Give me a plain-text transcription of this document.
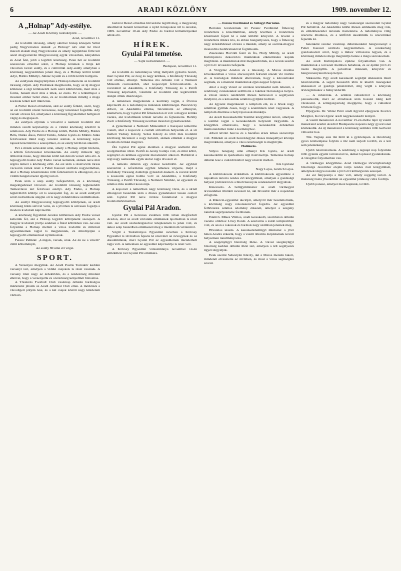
6	ARADI KÖZLÖNY	1909. november 12.
A „Holnap” Ady-estélye.
— Az Aradi Közlöny tudósítójától. —
Arad, november 11.

Az irodalmi társaság, amely október hónap közepén Szilai pedig Nagyváradon alakult „a Holnap” név alatt hé távol maradt alakult meg Nagyváradon és amely legújabban föllé lett azzal magyarázván Magyarország egyik városában, kényelmes és Arad felé, jobb a legtöbb közönség. Ezen hét az irodalmi szerencsés előadást adott, a Holnap körének a lírája két városban tartott estély, és a csütörtöki Ady-estély amelyben a közönség nagyszámban jelent meg, és a Holnap költői közül Adyt, Babits Mihályt, Juhász Gyulát és a többi költőt hallgatta.

Az estélynek megnyitójában a Holnap ismertette az irodalmi társaság céljait. Ady Endrének megmondta, hogy az új magyar költészet a régi költészettől nem azért különbözik, mert más a forma, hanem mert más a lélek, az érzés. Ez a lelkiállapot a mostani ember belső élete, és az irodalomnak mindig a maga korának lelkét kell tükröznie.

A Fuller Rezső előadásán, akit az estély felkért, azért, hogy az est irodalmi részét bevezesse, nagy tetszéssel fogadták. Ady verseit olvasta fel, amelyeket a közönség figyelemmel hallgatott végig és megtapsolt.

Az estélyen eljöttek a városból a nemzeti irodalmi élet minden rendű képviselője és a vidéki közönség köréből is számosan. Ady Endre és a Holnap költői, Babits Mihály, Balázs Béla, Dutka Ákos, Emőd Tamás, Juhász Gyula és Miklós Jutka felolvasásai mind nagy tetszést arattak. A közönség zajos tapssal köszöntötte a szereplőket, és az estély kiválóan sikerült.

Ezt a másik szónoklat után, amely a Holnap céljait hirdette, a költők felolvasásai következtek. Az estély műsorát úgy állították össze, hogy minden költő két-három versét adta elő. A legnagyobb hatást Ady Endre versei keltették, akinek neve már régóta ismert a közönség előtt. Az est után a résztvevők társas vacsorán vettek részt a Fehér Kereszt szálloda nagytermében, ahol a Holnap köszöntésére több felköszöntő is elhangzott, és a vidám hangulat késő éjjelig tartott.

Ezek után a szép estély befejeződött, és a közönség megelégedéssel távozott. Az irodalmi társaság legközelebb Temesváron tart felolvasó estélyt. Ady Endre, a Holnap legkiválóbb költője ott is szerepelni fog, és az aradi estélyről szóló tudósítások alapján ott is nagy érdeklődésre számíthatnak.

Az estélyt Magyarország legnagyobb költőjének, az aradi közönség hálás szívvel vette, és a jövőben is szívesen fogadja a modern irodalom képviselőit.

A közönség figyelmét Aradon különösen Ady Endre versei keltették fel, aki a Holnap legjobb költőjeként szerepelt. A magyar irodalom jövője ezekben a fiatal költőkben van. Az este folyamán a Holnap mellett a város irodalmi és művészi egyesületeinek tagjai is megjelentek, és mindnyájan a legnagyobb elismeréssel nyilatkoztak.

Ferenc Pelikán: „Lángok, versek, utak. Az én ne a vérem” című költeményét,

Az estély 80 után ért véget.
SPORT.

A Versenyre megyünk. Az Aradi Postás Tornakör kedden versenyt tart, amelyen a vidéki csapatok is részt vesznek. A verseny iránt nagy az érdeklődés, és a rendezőség mindent elkövet, hogy a versenyzők és a közönség kényelmét biztosítsa.

A Törekvés Football Club vasárnap délután barátságos mérkőzést játszik az Aradi Atlétikai Club ellen. A mérkőzés a városligeti pályán lesz, és a két csapat között nagy küzdelem várható.

Gulácsi Dezső előadása hírverésbe legállt meg, a magyarság alkalmával hetenti körzetben a nyári hónapokon túl is Aradon, 1909. november 10-én Ady Endre és barátai költeményeiket adták elő.

HÍREK.
Gyulai Pál temetése.
— Saját tudósítónktól. —
Budapest, november 11.

Az irodalmi és tudományos világ mélyebb gyászba borult, mert Gyulai Pál, az öreg és nagy kritikus, a Kisfaludy Társaság volt elnöke, elhunyt. Temetése ma délután volt a Nemzeti Múzeum csarnokából, ahol koporsóját felravatalozták. A ravatalnál az Akadémia, a Kisfaludy Társaság és a Petőfi Társaság képviselői, valamint az irodalmi élet legkiválóbb alakjai álltak díszőrséget.

A temetésen megjelentek a kormány tagjai, a főváros képviselői és a tudományos intézetek küldöttségei. Berzeviczy Albert, az Akadémia elnöke, búcsúztatta az elhunytat, kiemelvén, hogy Gyulai Pál félszázadon át volt a magyar kritika vezére, aki irodalmunk ízlését nevelte és fejlesztette. Beöthy Zsolt a Kisfaludy Társaság nevében mondott gyászbeszédet.

A gyászmenet a Nemzeti Múzeumtól a Kerepesi temetőbe vonult, ahol a koporsót a családi sírboltban helyezték el. A sír mellett Vadnay Károly, Szász Károly és több más irodalmi kiválóság búcsúzott a nagy halottól, akinek emlékét a magyar irodalom örökké megőrzi.

Óta Gyulai Pál egész életében a magyar szellemi élet szolgálatában állott. Petőfi és Arany barátja volt, és mint költő, regényíró és kritikus egyaránt maradandót alkotott. Halálával a régi nagy nemzedék egyik utolsó tagja távozott el.

A temetés délután egy órakor kezdődött. Az egyházi szertartást a református egyház lelkésze végezte, majd a Kisfaludy Társaság dalárdája gyászdalt énekelt. A ravatal körül a koszorúk egész halma volt: az Akadémia, a Kisfaludy Társaság, a Petőfi Társaság, a Nemzeti Színház, az egyetem és számos más testület koszorúja.

A koporsót a temetőben nagy közönség várta, és a sírnál elhangzott beszédek után a díszes gyászkíséret lassan oszlott szét. Gyulai Pál neve örökre fennmarad a magyar irodalomtörténetben.

Gyulai Pál Aradon.

Gyulai Pál a hetvenes években több ízben megfordult Aradon, ahol az aradi vértanúk emlékének ápolásában is részt vett. Az aradi szabadságszobor leleplezésén is jelen volt, és akkor szép beszédben emlékezett meg a tizenhárom vértanúról.

Végül a Tudományos Egyesület nevében a Kölcsey Egyesület is táviratban fejezte ki részvétét az özvegynek és az Akadémiának, mert Gyulai Pál az egyesületnek tiszteletbeli tagja volt. A temetésen az egyesület képviselője is részt vett.

A Kölcsey Egyesület választmánya november 14-én emlékülést tart Gyulai Pál emlékére.

— Ferenc Ferdinánd és Szilágyi Bertalan.

Bertalan levelezőnek írt Ferenc Ferdinánd főherceg trónörökös a közelmúltban, amely levélben a trónörökös köszönetét fejezi ki a neki küldött könyvért. A levelet a trónörökös titkára írta, és abban hangsúlyozza, hogy a főherceg nagy érdeklődéssel olvasta a munkát, amely az osztrák-magyar monarchia hadtörténetével foglalkozik.

Zsuzsanna Horváth festő és fia, Hódy Mihály, az aradi Kultúrpalota dekorációs munkáinak elkészítésére kaptak megbízást. A munkálatok már megkezdődtek, és a tervek szerint a jövő év tavaszára befejezik.

A Vízgyász Aradon és a lakosság. A Maros áradása következtében a város alacsonyabb fekvésű részeit víz öntötte el. A hatóságok mindent elkövetnek, hogy a károsultakat segítsék, és a mentési munkálatok éjjel-nappal folynak.

Ahol a nagy vízzel az utcákon közlekedni nem lehetett, a rendőrség csónakokkal szállította a lakókat biztonságos helyre. A városi tanács rendkívüli ülésen határozott a segélyezés módjáról, és a károsultak számára gyűjtést indított.

Az ágyazat megérkezett a templom elé, és a hívek nagy számban gyűltek össze, hogy a szentmisén részt vegyenek. A templom díszítése a helyi iparosok munkája.

Az Aradi Kereskedelmi Testület közgyűlést tartott, amelyen a testület tagjai a kereskedelem helyzetét tárgyalták. A közgyűlés elhatározta, hogy a kereskedők érdekében memorandumot intéz a kormányhoz.

Albert kiváló harcos és a hazafias érzés lelkes szószólója volt. Emlékét az aradi honvédegylet díszes ünnepéllyel kívánja megörökíteni, amelyre a város közönségét is meghívják.

Halálozás.

Súlyos betegség után elhunyt Kis Gyula, az aradi kereskedelmi és iparkamara régi tisztviselője. Temetése holnap délután lesz a családi házból nagy részvét mellett.

Kis Gyulané
Nagy Lajos, Grulich Lajos.

A kisbirtokosok érdekében. A kisbirtokosok egyesülete a napokban tartotta rendes évi közgyűlését, amelyen a gazdasági helyzet javításáról és a hitelviszonyok rendezéséről tárgyaltak.

Kinevezés. A belügyminiszter az aradi vármegyei árvaszékhez ülnököt nevezett ki, aki hivatalát már a napokban elfoglalta.

A Rákóczi-egyesület akcióját, amelyről már beszámoltunk, a közönség nagy rokonszenvvel fogadta. Az egyesület felhívására számos adomány érkezett, amelyet a szegény tanulók segélyezésére fordítanak.

Esküvő. Mikes Vilmos, aradi kereskedő, szombaton délután vezette oltárhoz Lőwy Ilonát. A szertartás a zsidó templomban volt, és azon a rokonok és barátok nagy számban jelentek meg.

Hivatalos utazás. A kereskedelemügyi miniszter a jövő héten Aradra érkezik, hogy a vasúti állomás átépítésének terveit helyszínen tanulmányozza.

A szegényügyi bizottság ülése. A városi szegényügyi bizottság kedden délután ülést tart, amelyen a téli segélyezés ügyét tárgyalják.

Ezek szerint Sebestyén Károly, aki a Maros mentén lakott, mindenét elvesztette az árvízben, és most a város segítségére szorul.

és a magyar tudomány nagy veszteséget szenvedett Gyulai Pál halálával. Az Akadémia külön ülésen emlékezik meg róla, és emlékbeszédet tartanak tiszteletére. A tudományos világ részvéte általános, és a külföldi akadémiák is részvétüket fejezték ki.

hetenként rendez vasárnap délutánonként hangversenyt a Fehér Kereszt szálloda nagytermében. A rendezőség gondoskodott arról, hogy a műsor változatos legyen, és a közönség minden rétege megtalálja benne a maga szórakozását.

Az aradi Kultúrpalota építése folyamatban van. A munkálatok a tervezett ütemben haladnak, és az épület jövő év őszén megnyílik. A palotában múzeum, könyvtár és hangversenyterem kap helyet.

Sikkasztás. Egy aradi kereskedő segédjét sikkasztás miatt letartóztatták. A segéd hosszabb időn át kisebb összegeket sikkasztott el gazdája pénztárából, míg végül a könyvek átvizsgálásakor a hiány kiderült.

— A ruhatárak. A színház ruhatáráról a közönség panaszkodik, mert az előadások után hosszú ideig kell várakozni. A színigazgatóság megígérte, hogy a ruhatárat bővíteni fogja.

Eljegyzés. Dr. Weisz Ernő aradi ügyvéd eljegyezte Kovács Margitot, Kovács Ignác aradi nagykereskedő leányát.

A vasúti menetrend. A november 15-én életbe lépő új vasúti menetrend szerint Aradról Budapestre naponta négy gyorsvonat közlekedik. Az új menetrend a közönség számára több kedvező változást hoz.

Tűz. Tegnap este tűz ütött ki a gyártelepen. A tűzoltóság gyors közbelépése folytán a tűz nem terjedt tovább, és a kár sem jelentékeny.

Ujabb letartóztatások. A rendőrség a tegnapi nap folyamán több gyanús egyént tartóztatott le, akiket lopással gyanúsítanak. A vizsgálat folyamatban van.

A vármegye közgyűlése. Arad vármegye törvényhatósági bizottsága december elején tartja rendes őszi közgyűlését, amelynek tárgysorozatán a jövő évi költségvetés szerepel.

Az est fénypontja a tánc volt, amely reggelig tartott. A mulatság tiszta jövedelmét az egyesület jótékony célra fordítja.

Ujabb panasz, amelyet most kaptunk, tovább.
